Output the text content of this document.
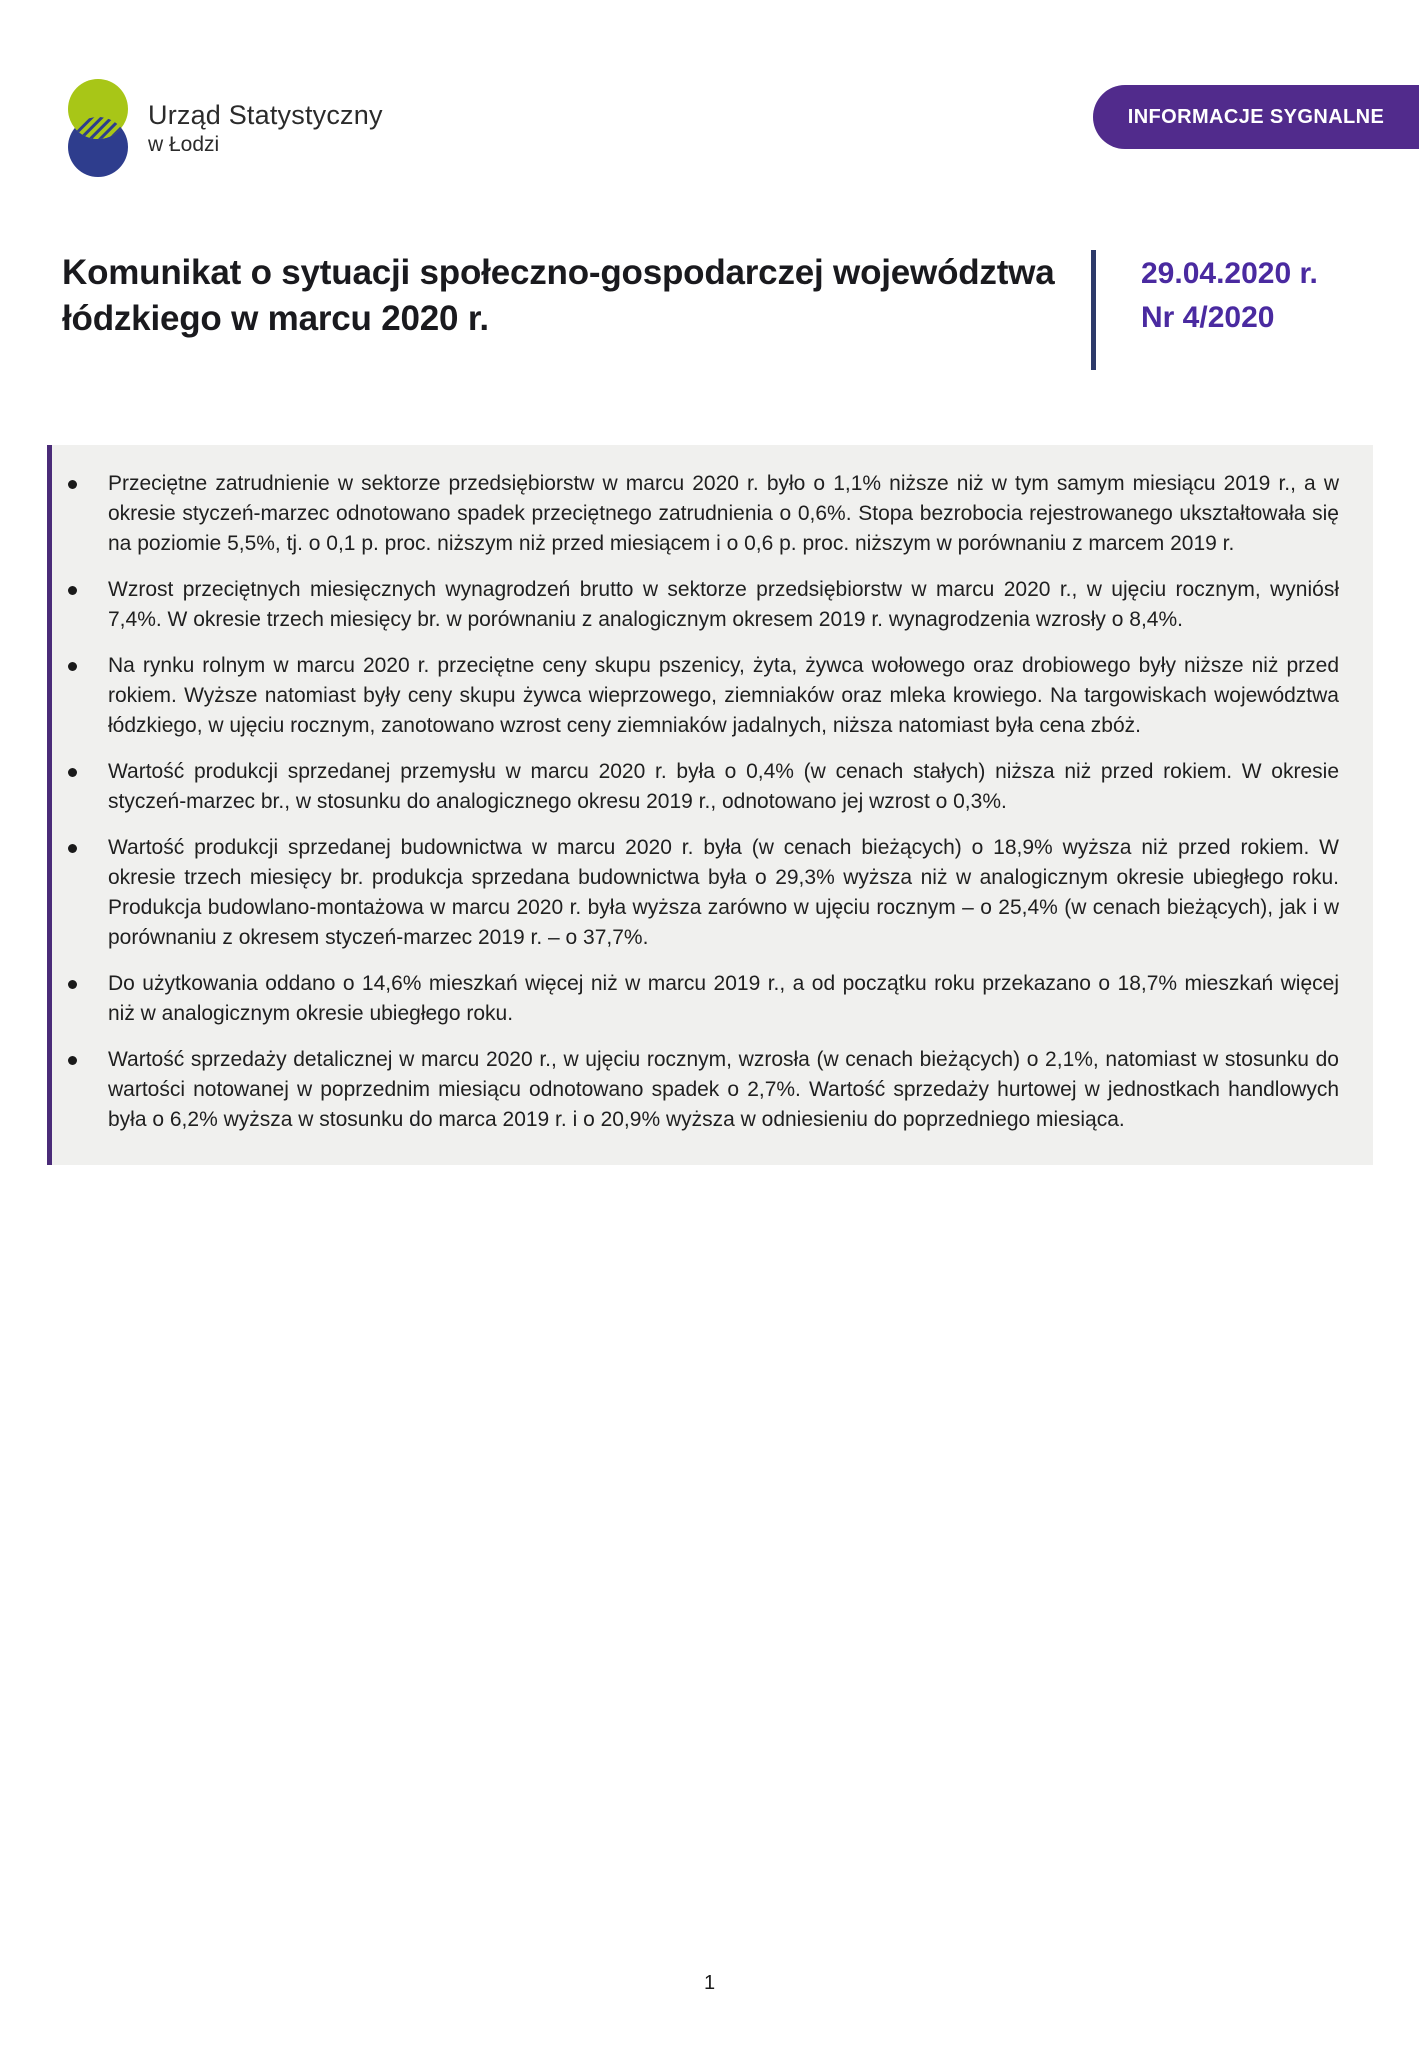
Urząd Statystyczny
w Łodzi
INFORMACJE SYGNALNE
Komunikat o sytuacji społeczno-gospodarczej województwa łódzkiego w marcu 2020 r.
29.04.2020 r.
Nr 4/2020
Przeciętne zatrudnienie w sektorze przedsiębiorstw w marcu 2020 r. było o 1,1% niższe niż w tym samym miesiącu 2019 r., a w okresie styczeń-marzec odnotowano spadek przeciętnego zatrudnienia o 0,6%. Stopa bezrobocia rejestrowanego ukształtowała się na poziomie 5,5%, tj. o 0,1 p. proc. niższym niż przed miesiącem i o 0,6 p. proc. niższym w porównaniu z marcem 2019 r.
Wzrost przeciętnych miesięcznych wynagrodzeń brutto w sektorze przedsiębiorstw w marcu 2020 r., w ujęciu rocznym, wyniósł 7,4%. W okresie trzech miesięcy br. w porównaniu z analogicznym okresem 2019 r. wynagrodzenia wzrosły o 8,4%.
Na rynku rolnym w marcu 2020 r. przeciętne ceny skupu pszenicy, żyta, żywca wołowego oraz drobiowego były niższe niż przed rokiem. Wyższe natomiast były ceny skupu żywca wieprzowego, ziemniaków oraz mleka krowiego. Na targowiskach województwa łódzkiego, w ujęciu rocznym, zanotowano wzrost ceny ziemniaków jadalnych, niższa natomiast była cena zbóż.
Wartość produkcji sprzedanej przemysłu w marcu 2020 r. była o 0,4% (w cenach stałych) niższa niż przed rokiem. W okresie styczeń-marzec br., w stosunku do analogicznego okresu 2019 r., odnotowano jej wzrost o 0,3%.
Wartość produkcji sprzedanej budownictwa w marcu 2020 r. była (w cenach bieżących) o 18,9% wyższa niż przed rokiem. W okresie trzech miesięcy br. produkcja sprzedana budownictwa była o 29,3% wyższa niż w analogicznym okresie ubiegłego roku. Produkcja budowlano-montażowa w marcu 2020 r. była wyższa zarówno w ujęciu rocznym – o 25,4% (w cenach bieżących), jak i w porównaniu z okresem styczeń-marzec 2019 r. – o 37,7%.
Do użytkowania oddano o 14,6% mieszkań więcej niż w marcu 2019 r., a od początku roku przekazano o 18,7% mieszkań więcej niż w analogicznym okresie ubiegłego roku.
Wartość sprzedaży detalicznej w marcu 2020 r., w ujęciu rocznym, wzrosła (w cenach bieżących) o 2,1%, natomiast w stosunku do wartości notowanej w poprzednim miesiącu odnotowano spadek o 2,7%. Wartość sprzedaży hurtowej w jednostkach handlowych była o 6,2% wyższa w stosunku do marca 2019 r. i o 20,9% wyższa w odniesieniu do poprzedniego miesiąca.
1
